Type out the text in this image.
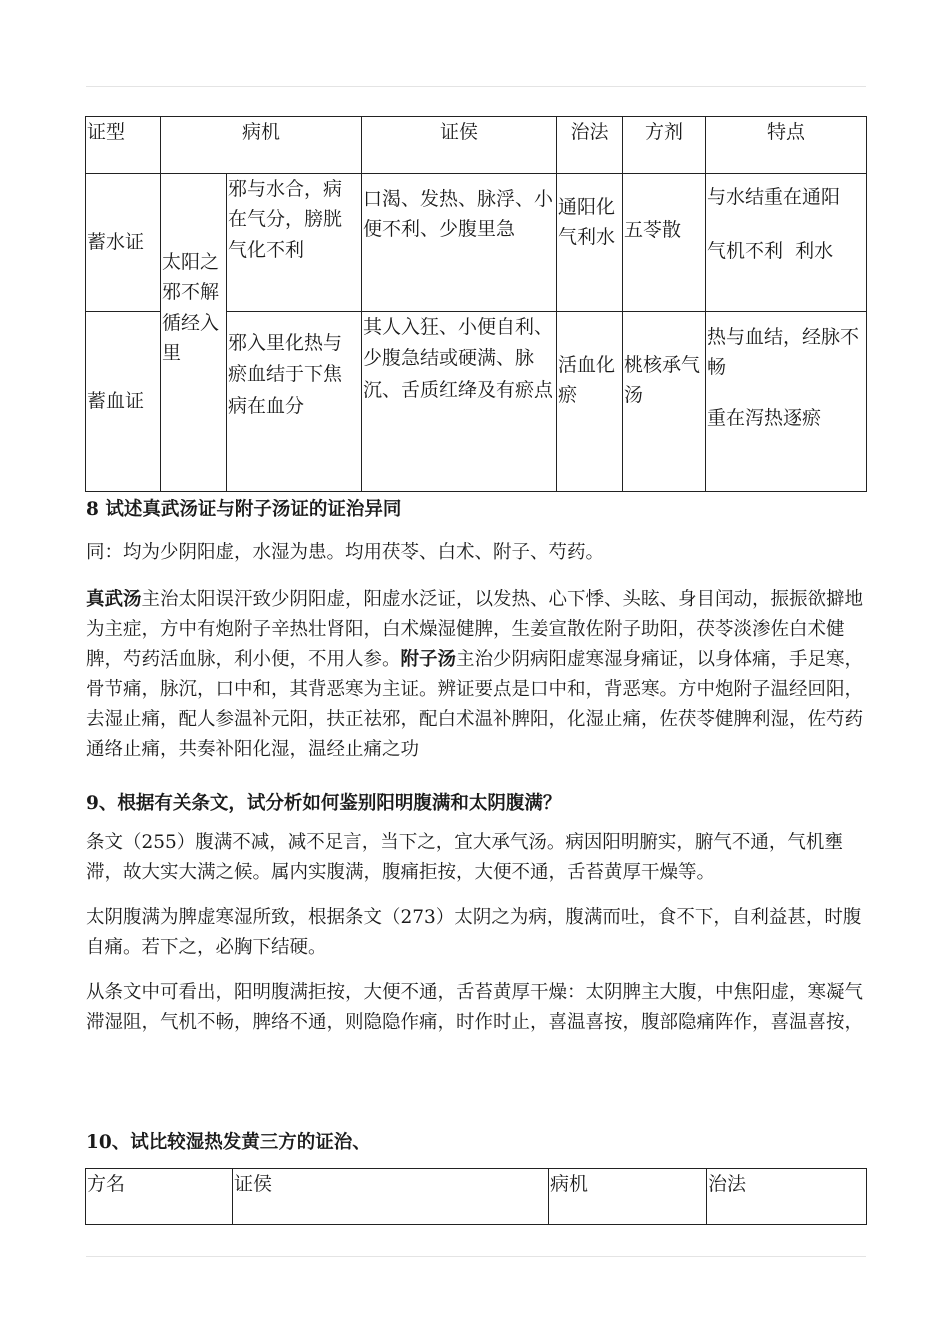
证型	病机		证侯	治法	方剂	特点
蓄水证	太阳之邪不解循经入里	邪与水合，病在气分，膀胱气化不利	口渴、发热、脉浮、小便不利、少腹里急	通阳化气利水	五苓散	与水结重在通阳
气机不利  利水

蓄血证		邪入里化热与瘀血结于下焦病在血分	其人入狂、小便自利、少腹急结或硬满、脉沉、舌质红绛及有瘀点	活血化瘀	桃核承气汤	热与血结，经脉不畅
重在泻热逐瘀
8 试述真武汤证与附子汤证的证治异同

同：均为少阴阳虚，水湿为患。均用茯苓、白术、附子、芍药。

真武汤主治太阳误汗致少阴阳虚，阳虚水泛证，以发热、心下悸、头眩、身目闰动，振振欲擗地为主症，方中有炮附子辛热壮肾阳，白术燥湿健脾，生姜宣散佐附子助阳，茯苓淡渗佐白术健脾，芍药活血脉，利小便，不用人参。附子汤主治少阴病阳虚寒湿身痛证，以身体痛，手足寒，骨节痛，脉沉，口中和，其背恶寒为主证。辨证要点是口中和，背恶寒。方中炮附子温经回阳，去湿止痛，配人参温补元阳，扶正祛邪，配白术温补脾阳，化湿止痛，佐茯苓健脾利湿，佐芍药通络止痛，共奏补阳化湿，温经止痛之功

9、根据有关条文，试分析如何鉴别阳明腹满和太阴腹满？

条文（255）腹满不减，减不足言，当下之，宜大承气汤。病因阳明腑实，腑气不通，气机壅滞，故大实大满之候。属内实腹满，腹痛拒按，大便不通，舌苔黄厚干燥等。

太阴腹满为脾虚寒湿所致，根据条文（273）太阴之为病，腹满而吐，食不下，自利益甚，时腹自痛。若下之，必胸下结硬。

从条文中可看出，阳明腹满拒按，大便不通，舌苔黄厚干燥：太阴脾主大腹，中焦阳虚，寒凝气滞湿阻，气机不畅，脾络不通，则隐隐作痛，时作时止，喜温喜按，腹部隐痛阵作，喜温喜按，

10、试比较湿热发黄三方的证治、
方名	证侯	病机	治法
